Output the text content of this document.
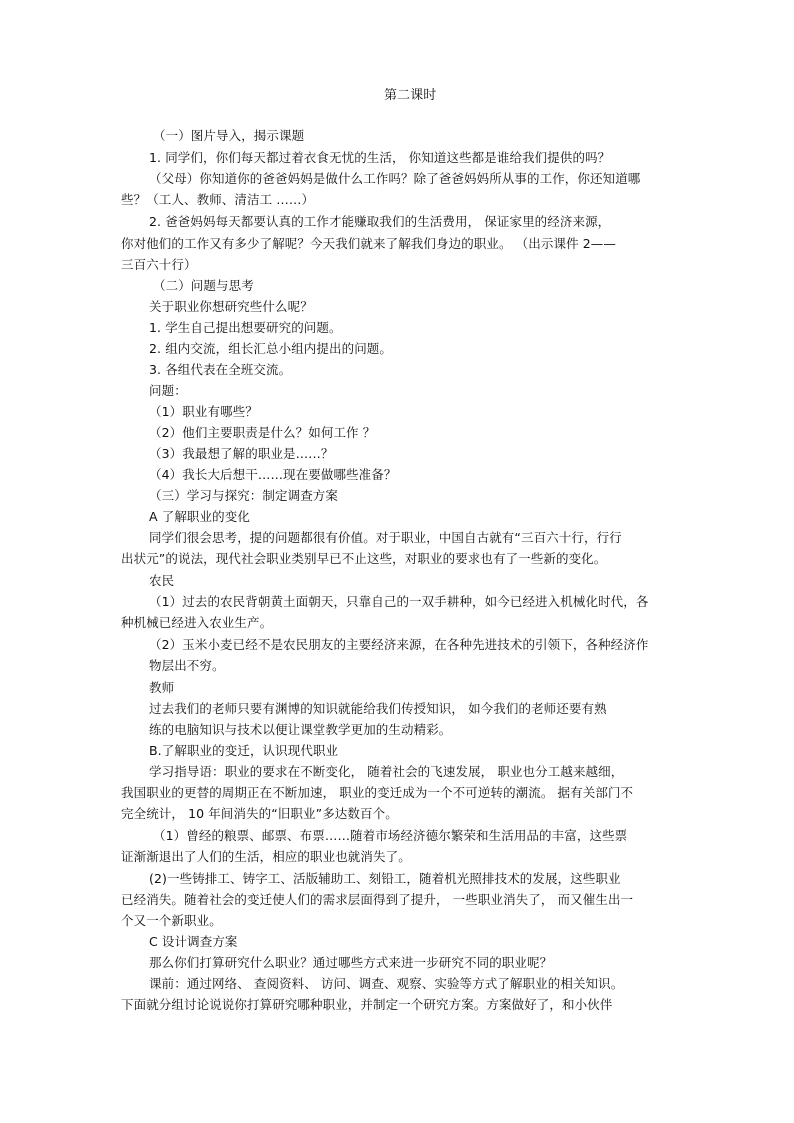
第二课时
（一）图片导入，揭示课题
1. 同学们，你们每天都过着衣食无忧的生活， 你知道这些都是谁给我们提供的吗？
（父母）你知道你的爸爸妈妈是做什么工作吗？除了爸爸妈妈所从事的工作，你还知道哪
些？（工人、教师、清洁工 ……）
2. 爸爸妈妈每天都要认真的工作才能赚取我们的生活费用， 保证家里的经济来源，
你对他们的工作又有多少了解呢？今天我们就来了解我们身边的职业。 （出示课件 2——
三百六十行）
（二）问题与思考
关于职业你想研究些什么呢？
1. 学生自己提出想要研究的问题。
2. 组内交流，组长汇总小组内提出的问题。
3. 各组代表在全班交流。
问题：
（1）职业有哪些？
（2）他们主要职责是什么？如何工作 ？
（3）我最想了解的职业是……？
（4）我长大后想干……现在要做哪些准备？
（三）学习与探究：制定调查方案
A 了解职业的变化
同学们很会思考，提的问题都很有价值。对于职业，中国自古就有“三百六十行，行行
出状元”的说法，现代社会职业类别早已不止这些，对职业的要求也有了一些新的变化。
农民
（1）过去的农民背朝黄土面朝天，只靠自己的一双手耕种，如今已经进入机械化时代，各
种机械已经进入农业生产。
（2）玉米小麦已经不是农民朋友的主要经济来源，在各种先进技术的引领下，各种经济作
物层出不穷。
教师
过去我们的老师只要有渊博的知识就能给我们传授知识， 如今我们的老师还要有熟
练的电脑知识与技术以便让课堂教学更加的生动精彩。
B.了解职业的变迁，认识现代职业
学习指导语：职业的要求在不断变化， 随着社会的飞速发展， 职业也分工越来越细，
我国职业的更替的周期正在不断加速， 职业的变迁成为一个不可逆转的潮流。 据有关部门不
完全统计， 10 年间消失的“旧职业”多达数百个。
（1）曾经的粮票、邮票、布票……随着市场经济德尔繁荣和生活用品的丰富，这些票
证渐渐退出了人们的生活，相应的职业也就消失了。
(2)一些铸排工、铸字工、活版辅助工、刻铅工，随着机光照排技术的发展，这些职业
已经消失。随着社会的变迁使人们的需求层面得到了提升， 一些职业消失了， 而又催生出一
个又一个新职业。
C 设计调查方案
那么你们打算研究什么职业？通过哪些方式来进一步研究不同的职业呢？
课前：通过网络、 查阅资料、 访问、调查、观察、实验等方式了解职业的相关知识。
下面就分组讨论说说你打算研究哪种职业，并制定一个研究方案。方案做好了，和小伙伴
